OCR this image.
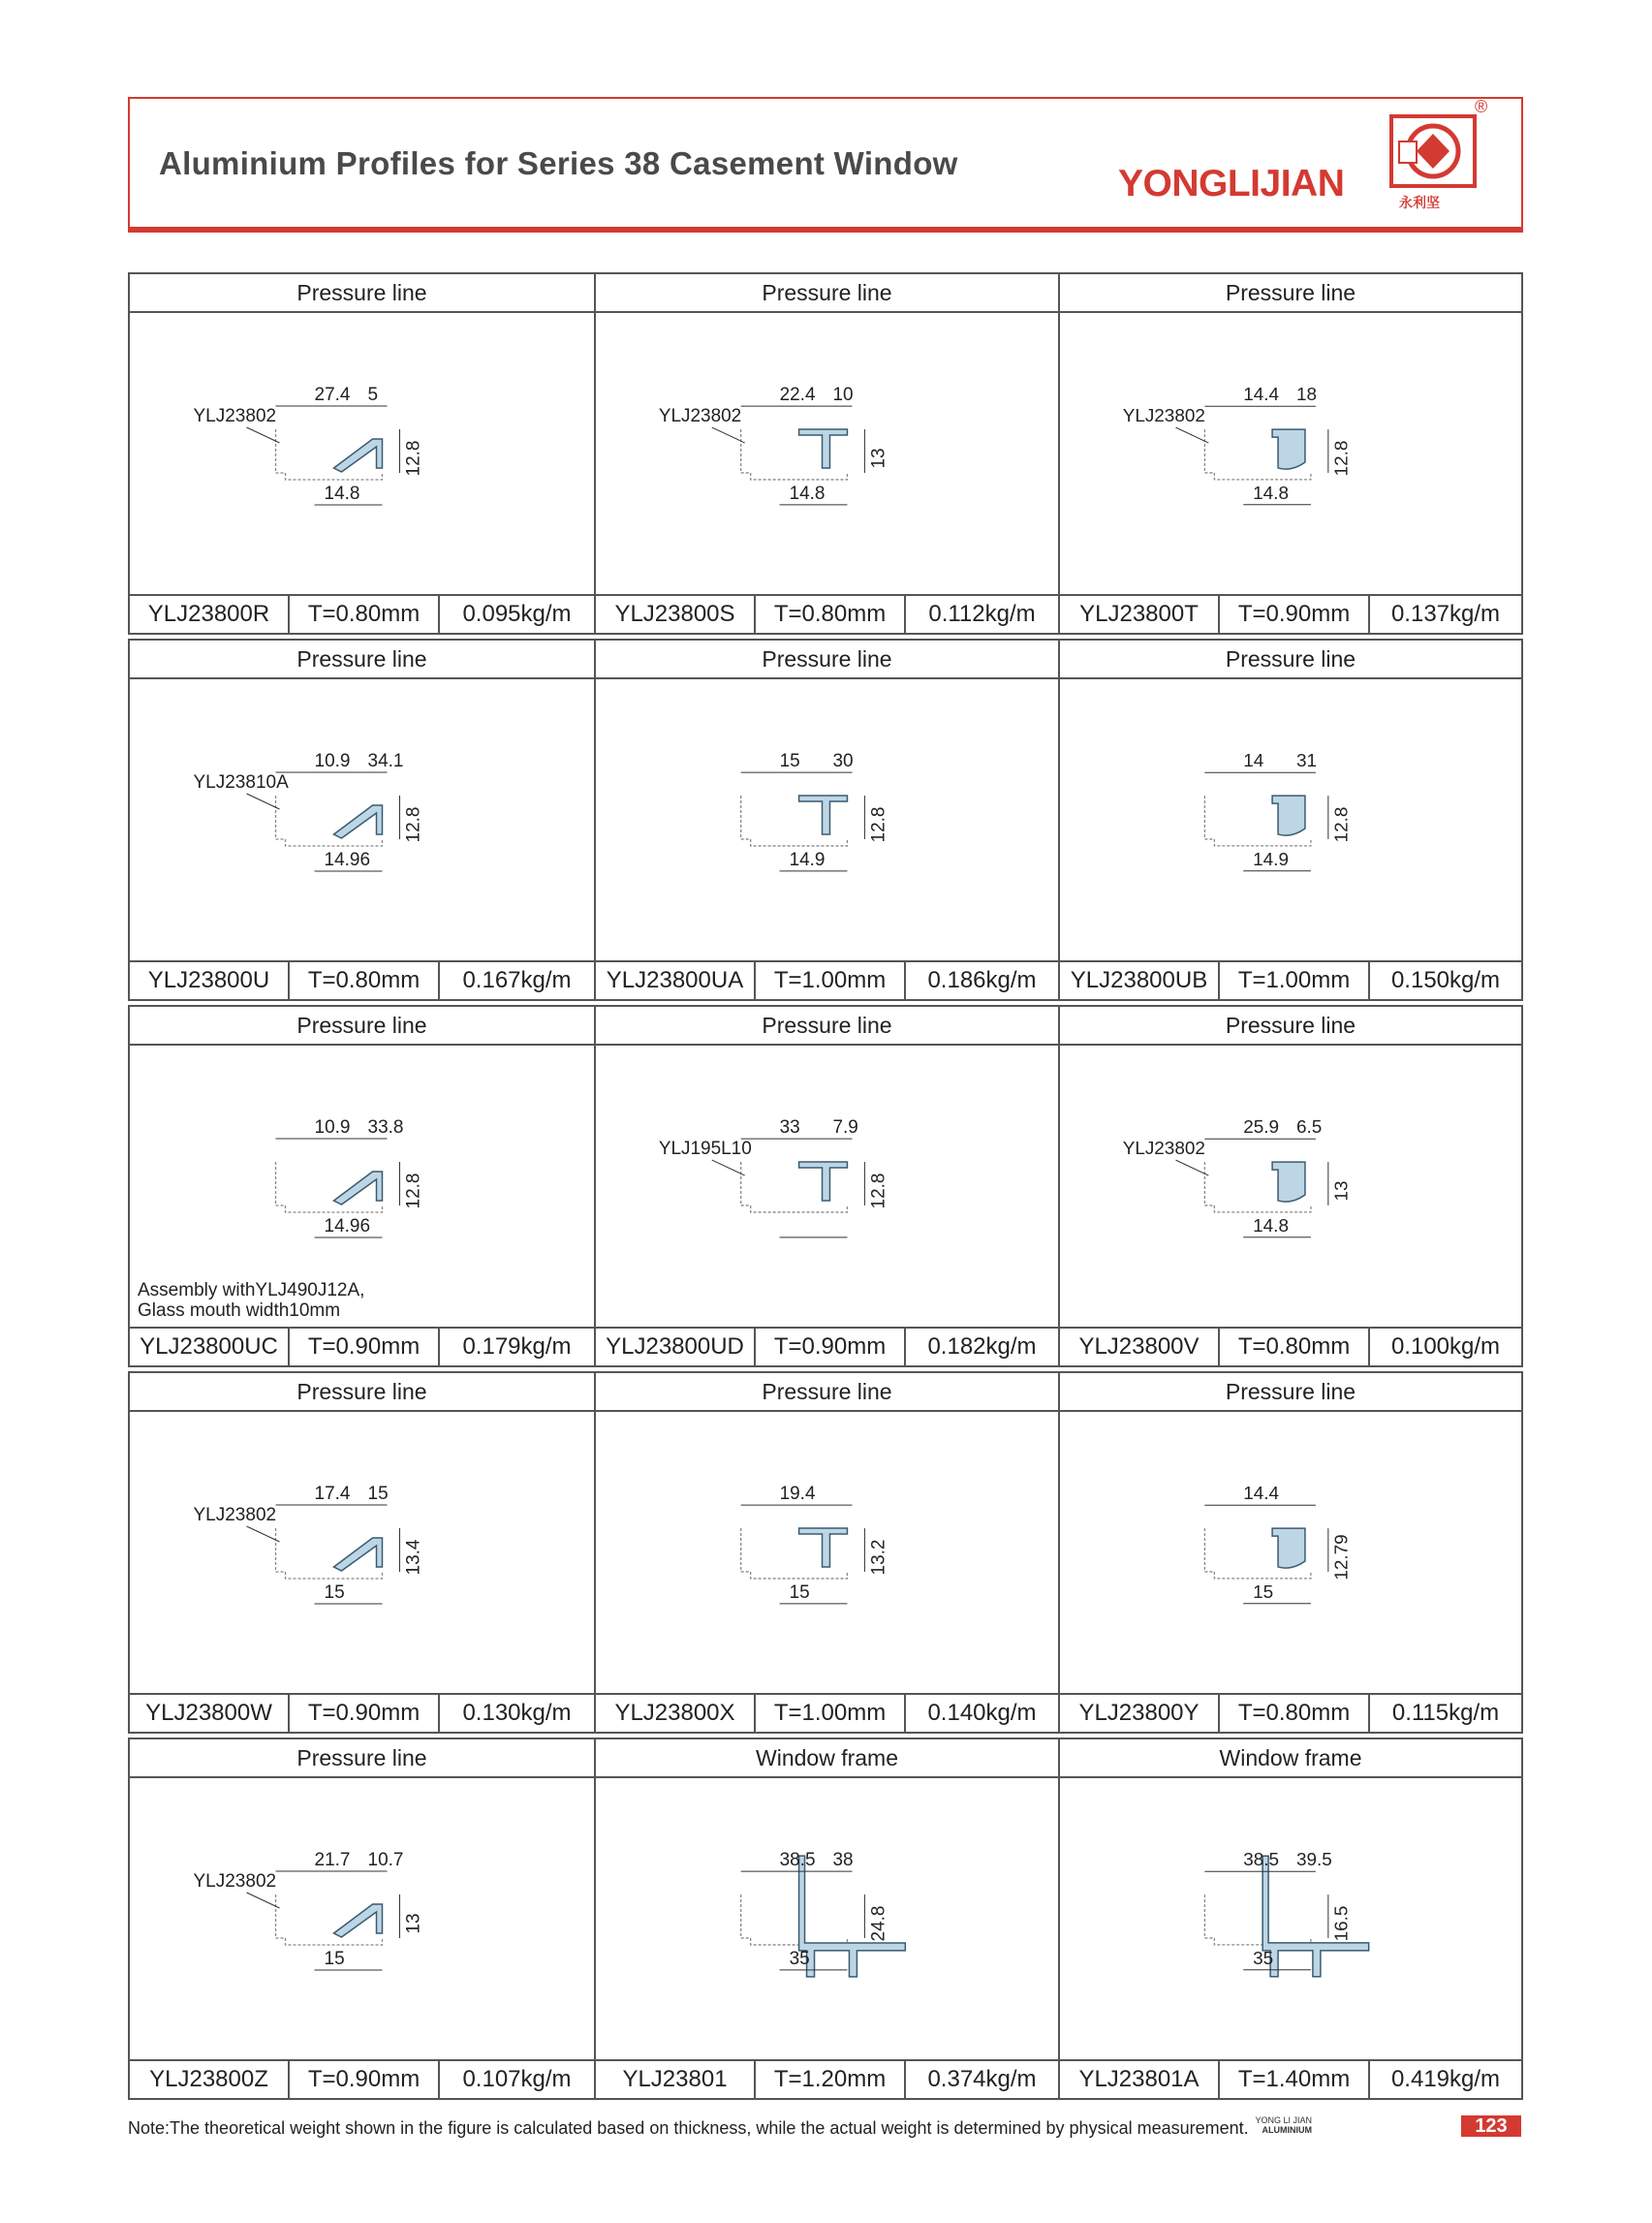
Aluminium Profiles for Series 38 Casement Window	YONGLIJIAN	永利坚
®
Pressure line
27.4 5
12.8
14.8
YLJ23802
YLJ23800R	T=0.80mm	0.095kg/m
Pressure line
22.4 10
13
14.8
YLJ23802
YLJ23800S	T=0.80mm	0.112kg/m
Pressure line
14.4 18
12.8
14.8
YLJ23802
YLJ23800T	T=0.90mm	0.137kg/m
Pressure line
10.9 34.1
12.8
14.96
YLJ23810A
YLJ23800U	T=0.80mm	0.167kg/m
Pressure line
15 30
12.8
14.9
YLJ23800UA	T=1.00mm	0.186kg/m
Pressure line
14 31
12.8
14.9
YLJ23800UB	T=1.00mm	0.150kg/m
Pressure line
10.9 33.8
12.8
14.96
Assembly withYLJ490J12A,
Glass mouth width10mm
YLJ23800UC	T=0.90mm	0.179kg/m
Pressure line
33 7.9
12.8
YLJ195L10
YLJ23800UD	T=0.90mm	0.182kg/m
Pressure line
25.9 6.5
13
14.8
YLJ23802
YLJ23800V	T=0.80mm	0.100kg/m
Pressure line
17.4 15
13.4
15
YLJ23802
YLJ23800W	T=0.90mm	0.130kg/m
Pressure line
19.4
13.2
15
YLJ23800X	T=1.00mm	0.140kg/m
Pressure line
14.4
12.79
15
YLJ23800Y	T=0.80mm	0.115kg/m
Pressure line
21.7 10.7
13
15
YLJ23802
YLJ23800Z	T=0.90mm	0.107kg/m
Window frame
38.5 38
24.8
35
YLJ23801	T=1.20mm	0.374kg/m
Window frame
38.5 39.5
16.5
35
YLJ23801A	T=1.40mm	0.419kg/m
Note:The theoretical weight shown in the figure is calculated based on thickness, while the actual weight is determined by physical measurement. YONG LI JIAN
ALUMINIUM	123
